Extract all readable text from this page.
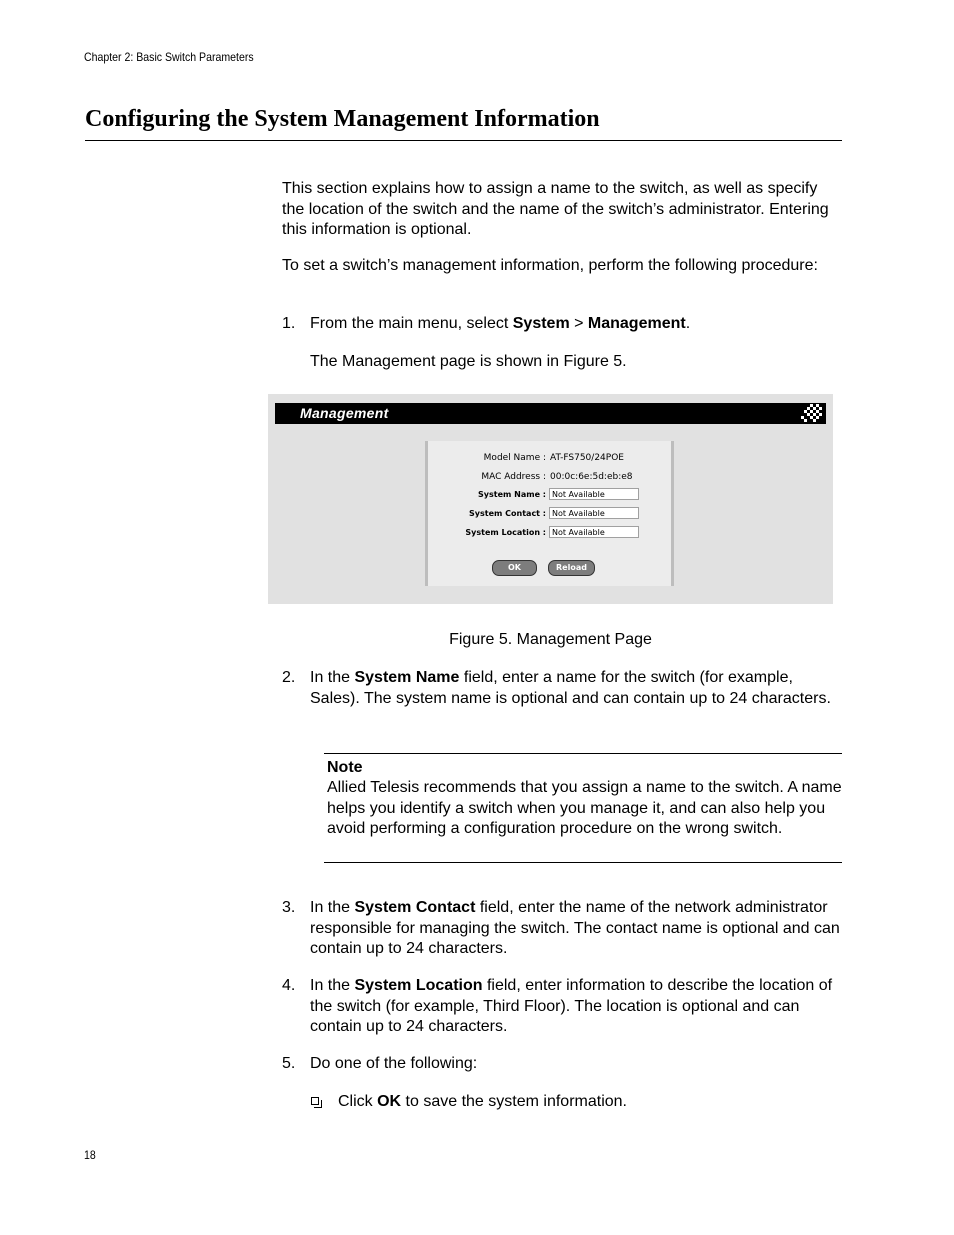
Chapter 2: Basic Switch Parameters
Configuring the System Management Information
This section explains how to assign a name to the switch, as well as specify the location of the switch and the name of the switch’s administrator. Entering this information is optional.
To set a switch’s management information, perform the following procedure:
1. From the main menu, select System > Management.
The Management page is shown in Figure 5.
Management
Model Name : AT-FS750/24POE
MAC Address : 00:0c:6e:5d:eb:e8
System Name : Not Available
System Contact : Not Available
System Location : Not Available
OK	Reload
Figure 5. Management Page
2. In the System Name field, enter a name for the switch (for example, Sales). The system name is optional and can contain up to 24 characters.
Note
Allied Telesis recommends that you assign a name to the switch. A name helps you identify a switch when you manage it, and can also help you avoid performing a configuration procedure on the wrong switch.
3. In the System Contact field, enter the name of the network administrator responsible for managing the switch. The contact name is optional and can contain up to 24 characters.
4. In the System Location field, enter information to describe the location of the switch (for example, Third Floor). The location is optional and can contain up to 24 characters.
5. Do one of the following:
Click OK to save the system information.
18
